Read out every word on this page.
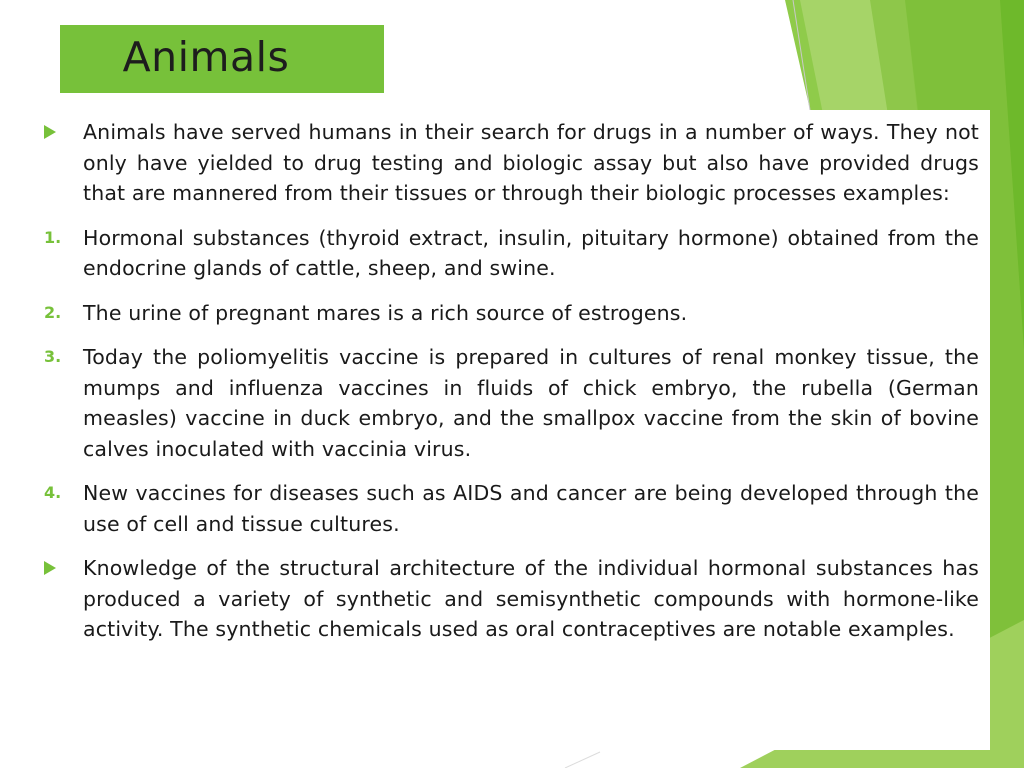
Animals
Animals have served humans in their search for drugs in a number of ways. They not only have yielded to drug testing and biologic assay but also have provided drugs that are mannered from their tissues or through their biologic processes examples:
1. Hormonal substances (thyroid extract, insulin, pituitary hormone) obtained from the endocrine glands of cattle, sheep, and swine.
2. The urine of pregnant mares is a rich source of estrogens.
3. Today the poliomyelitis vaccine is prepared in cultures of renal monkey tissue, the mumps and influenza vaccines in fluids of chick embryo, the rubella (German measles) vaccine in duck embryo, and the smallpox vaccine from the skin of bovine calves inoculated with vaccinia virus.
4. New vaccines for diseases such as AIDS and cancer are being developed through the use of cell and tissue cultures.
Knowledge of the structural architecture of the individual hormonal substances has produced a variety of synthetic and semisynthetic compounds with hormone-like activity. The synthetic chemicals used as oral contraceptives are notable examples.
